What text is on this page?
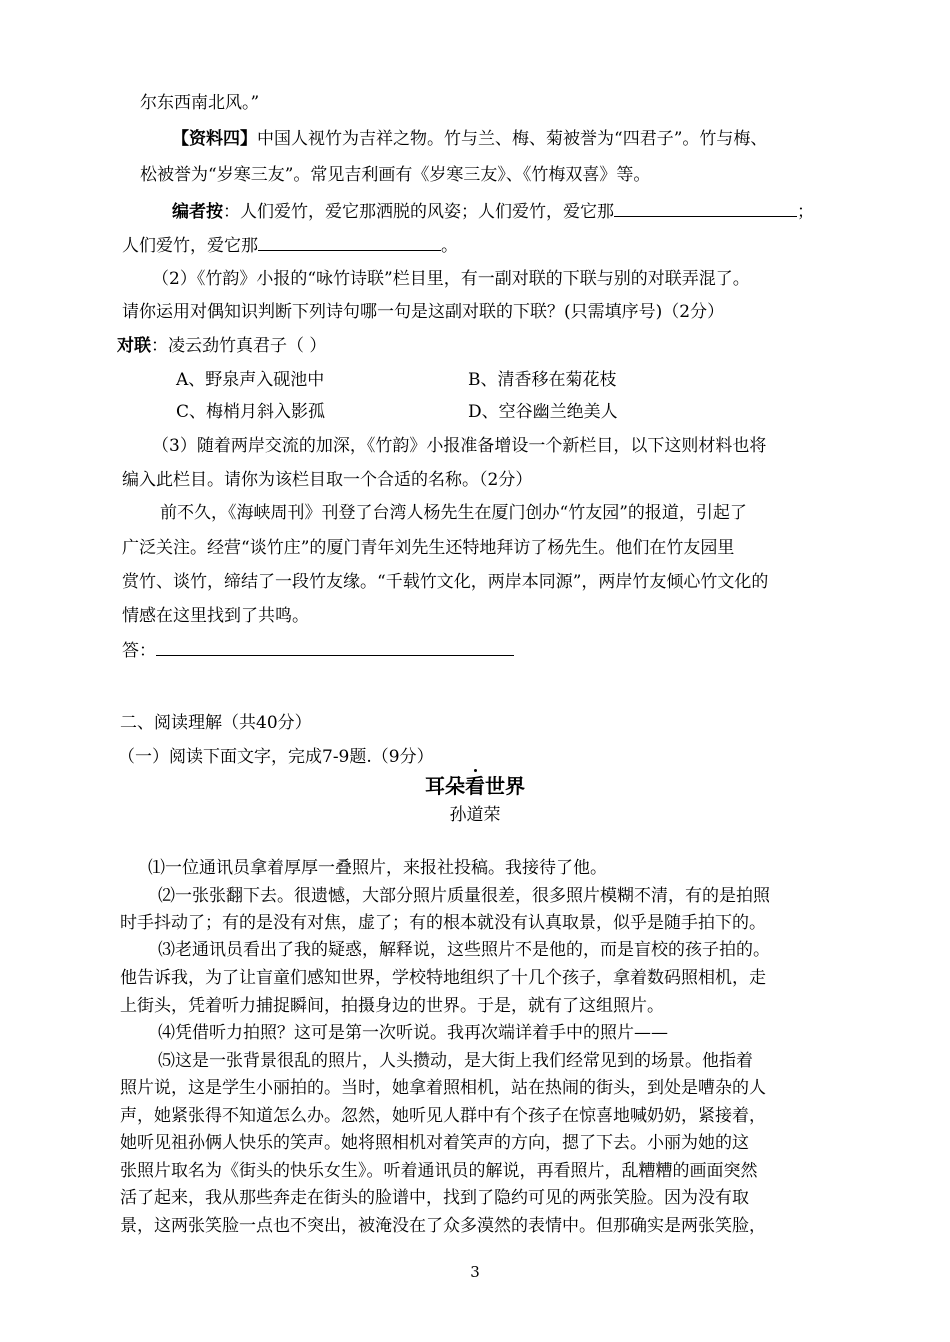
尔东西南北风。”
【资料四】中国人视竹为吉祥之物。竹与兰、梅、菊被誉为“四君子”。竹与梅、
松被誉为“岁寒三友”。常见吉利画有《岁寒三友》、《竹梅双喜》等。
编者按：人们爱竹，爱它那洒脱的风姿；人们爱竹，爱它那	；
人们爱竹，爱它那	。
（2）《竹韵》小报的“咏竹诗联”栏目里，有一副对联的下联与别的对联弄混了。
请你运用对偶知识判断下列诗句哪一句是这副对联的下联？(只需填序号)（2分）
对联：凌云劲竹真君子（ ）
A、野泉声入砚池中	B、清香移在菊花枝
C、梅梢月斜入影孤	D、空谷幽兰绝美人
（3）随着两岸交流的加深，《竹韵》小报准备增设一个新栏目，以下这则材料也将
编入此栏目。请你为该栏目取一个合适的名称。（2分）
前不久，《海峡周刊》刊登了台湾人杨先生在厦门创办“竹友园”的报道，引起了
广泛关注。经营“谈竹庄”的厦门青年刘先生还特地拜访了杨先生。他们在竹友园里
赏竹、谈竹，缔结了一段竹友缘。“千载竹文化，两岸本同源”，两岸竹友倾心竹文化的
情感在这里找到了共鸣。
答：
二、阅读理解（共40分）
（一）阅读下面文字，完成7-9题.（9分）
耳朵看世界
孙道荣
⑴一位通讯员拿着厚厚一叠照片，来报社投稿。我接待了他。
⑵一张张翻下去。很遗憾，大部分照片质量很差，很多照片模糊不清，有的是拍照
时手抖动了；有的是没有对焦，虚了；有的根本就没有认真取景，似乎是随手拍下的。
⑶老通讯员看出了我的疑惑，解释说，这些照片不是他的，而是盲校的孩子拍的。
他告诉我，为了让盲童们感知世界，学校特地组织了十几个孩子，拿着数码照相机，走
上街头，凭着听力捕捉瞬间，拍摄身边的世界。于是，就有了这组照片。
⑷凭借听力拍照？这可是第一次听说。我再次端详着手中的照片——
⑸这是一张背景很乱的照片，人头攒动，是大街上我们经常见到的场景。他指着
照片说，这是学生小丽拍的。当时，她拿着照相机，站在热闹的街头，到处是嘈杂的人
声，她紧张得不知道怎么办。忽然，她听见人群中有个孩子在惊喜地喊奶奶，紧接着，
她听见祖孙俩人快乐的笑声。她将照相机对着笑声的方向，摁了下去。小丽为她的这
张照片取名为《街头的快乐女生》。听着通讯员的解说，再看照片，乱糟糟的画面突然
活了起来，我从那些奔走在街头的脸谱中，找到了隐约可见的两张笑脸。因为没有取
景，这两张笑脸一点也不突出，被淹没在了众多漠然的表情中。但那确实是两张笑脸，
3
